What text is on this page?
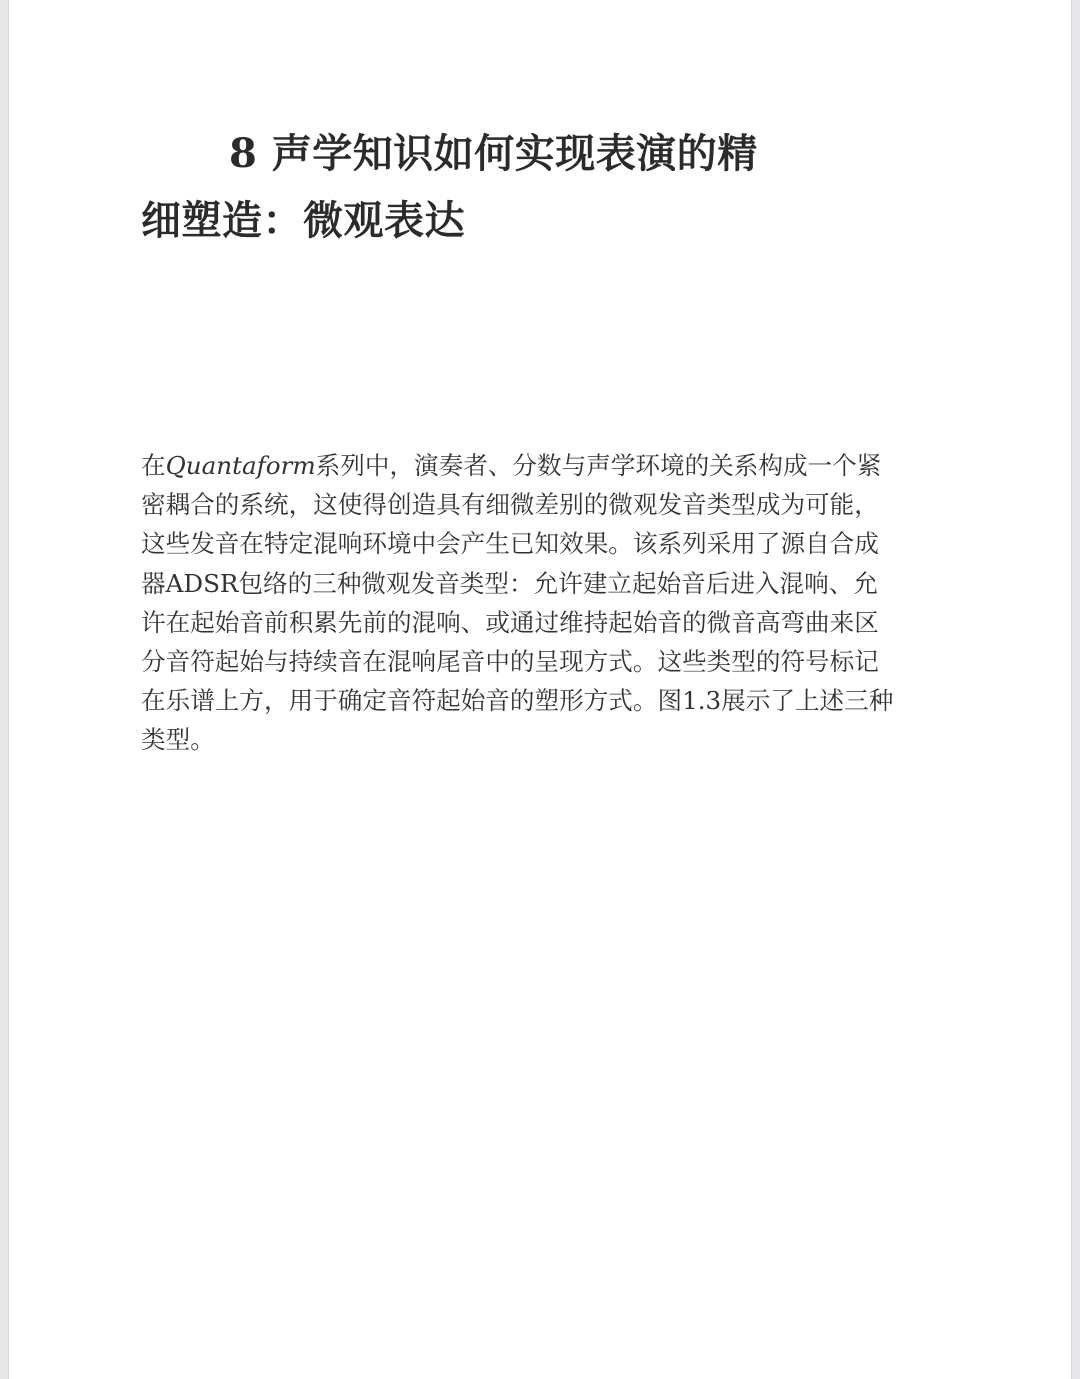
8 声学知识如何实现表演的精
细塑造：微观表达

在Quantaform系列中，演奏者、分数与声学环境的关系构成一个紧
密耦合的系统，这使得创造具有细微差别的微观发音类型成为可能，
这些发音在特定混响环境中会产生已知效果。该系列采用了源自合成
器ADSR包络的三种微观发音类型：允许建立起始音后进入混响、允
许在起始音前积累先前的混响、或通过维持起始音的微音高弯曲来区
分音符起始与持续音在混响尾音中的呈现方式。这些类型的符号标记
在乐谱上方，用于确定音符起始音的塑形方式。图1.3展示了上述三种
类型。
